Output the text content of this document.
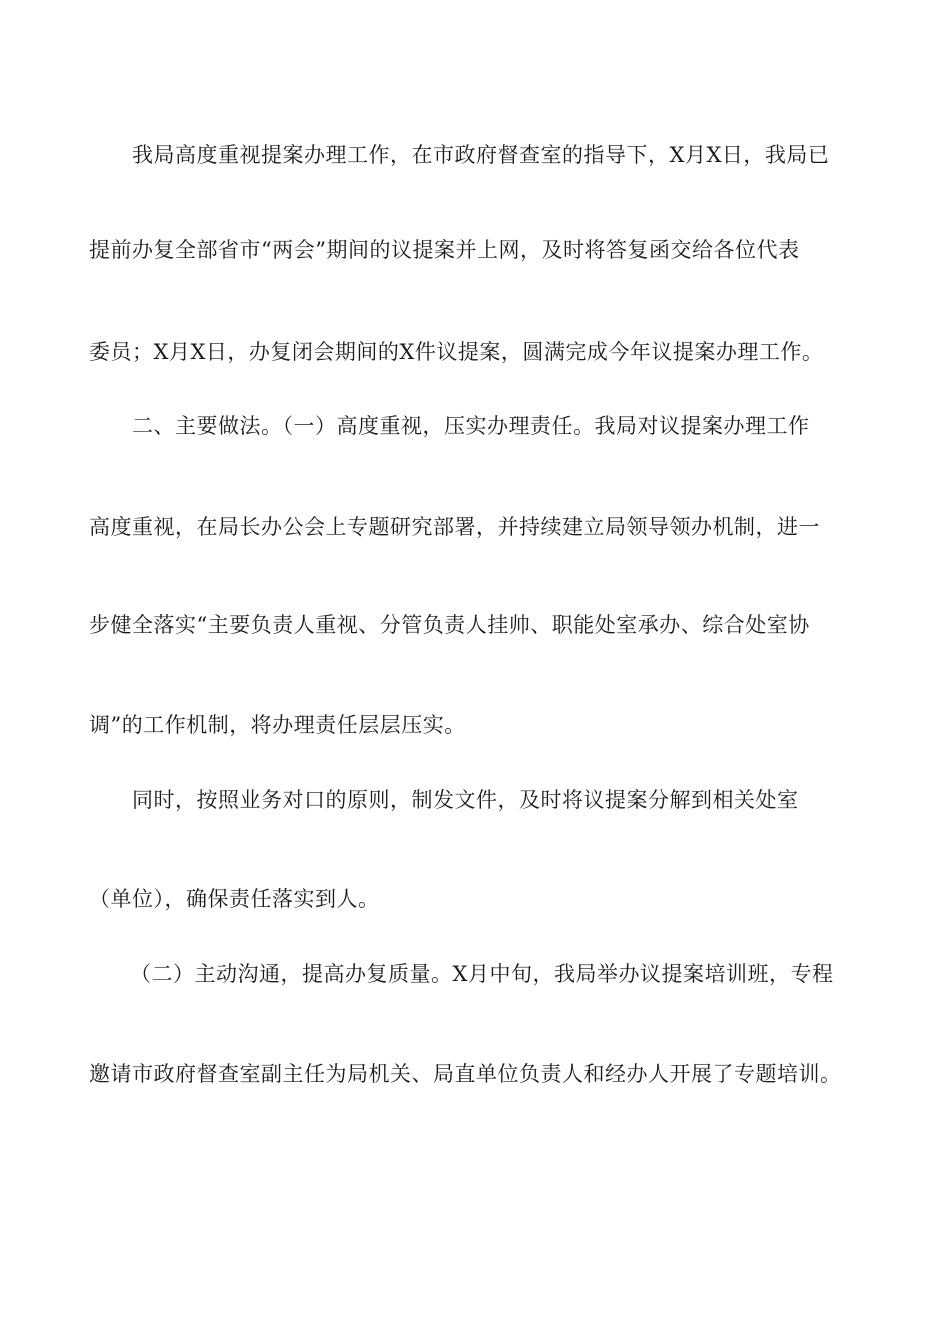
我局高度重视提案办理工作，在市政府督查室的指导下，X月X日，我局已
提前办复全部省市“两会”期间的议提案并上网，及时将答复函交给各位代表
委员；X月X日，办复闭会期间的X件议提案，圆满完成今年议提案办理工作。
二、主要做法。（一）高度重视，压实办理责任。我局对议提案办理工作
高度重视，在局长办公会上专题研究部署，并持续建立局领导领办机制，进一
步健全落实“主要负责人重视、分管负责人挂帅、职能处室承办、综合处室协
调”的工作机制，将办理责任层层压实。
同时，按照业务对口的原则，制发文件，及时将议提案分解到相关处室
（单位），确保责任落实到人。
（二）主动沟通，提高办复质量。X月中旬，我局举办议提案培训班，专程
邀请市政府督查室副主任为局机关、局直单位负责人和经办人开展了专题培训。
